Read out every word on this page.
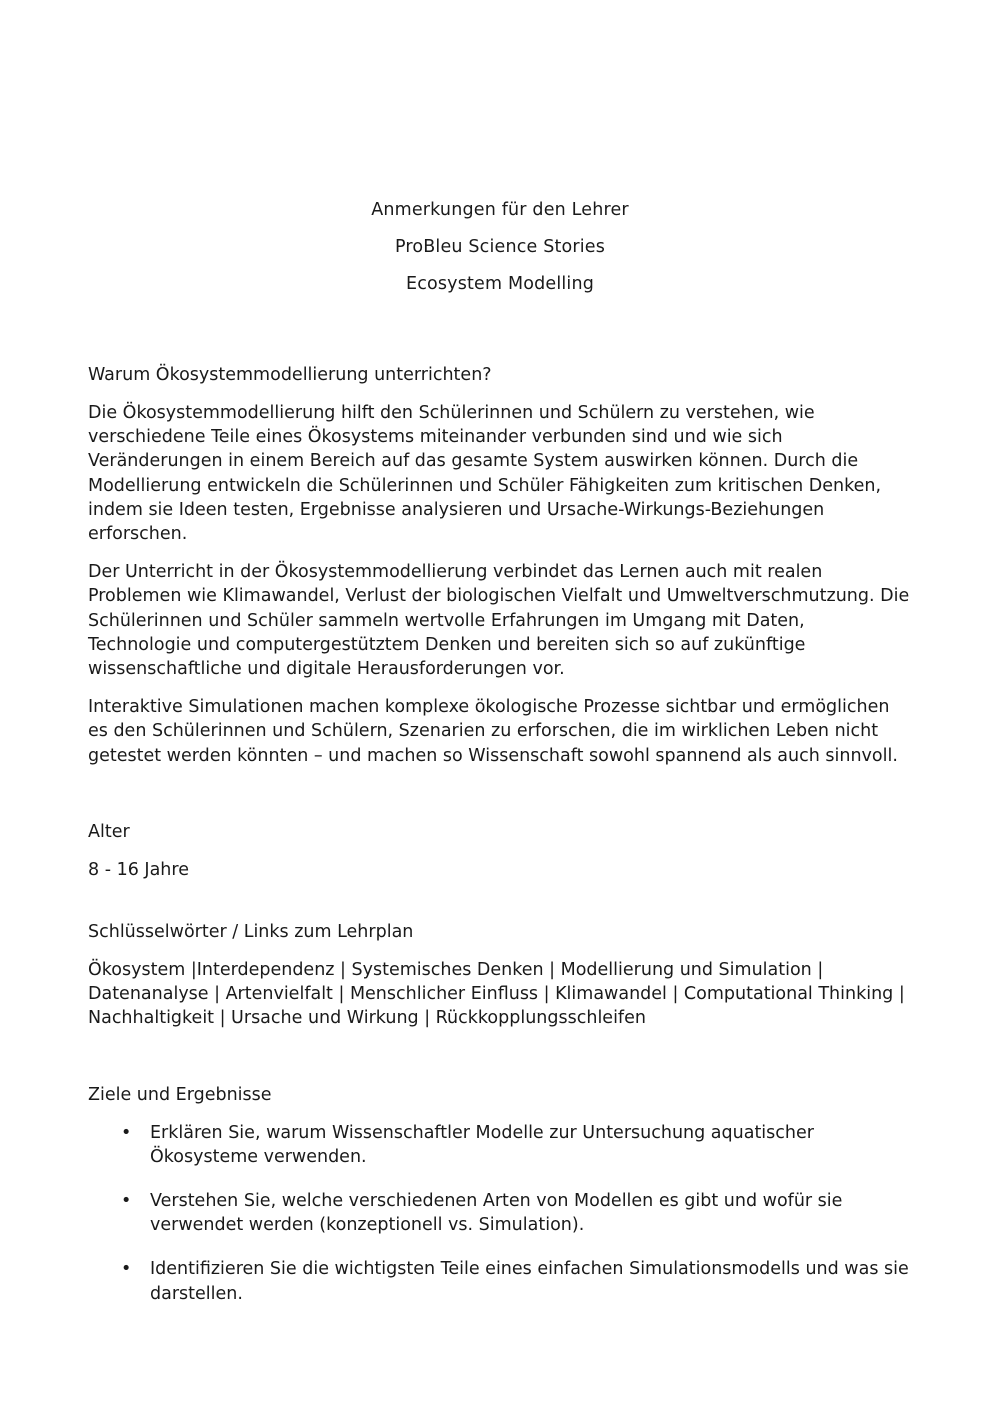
Anmerkungen für den Lehrer
ProBleu Science Stories
Ecosystem Modelling
Warum Ökosystemmodellierung unterrichten?

Die Ökosystemmodellierung hilft den Schülerinnen und Schülern zu verstehen, wie verschiedene Teile eines Ökosystems miteinander verbunden sind und wie sich Veränderungen in einem Bereich auf das gesamte System auswirken können. Durch die Modellierung entwickeln die Schülerinnen und Schüler Fähigkeiten zum kritischen Denken, indem sie Ideen testen, Ergebnisse analysieren und Ursache-Wirkungs-Beziehungen erforschen.

Der Unterricht in der Ökosystemmodellierung verbindet das Lernen auch mit realen Problemen wie Klimawandel, Verlust der biologischen Vielfalt und Umweltverschmutzung. Die Schülerinnen und Schüler sammeln wertvolle Erfahrungen im Umgang mit Daten, Technologie und computergestütztem Denken und bereiten sich so auf zukünftige wissenschaftliche und digitale Herausforderungen vor.

Interaktive Simulationen machen komplexe ökologische Prozesse sichtbar und ermöglichen es den Schülerinnen und Schülern, Szenarien zu erforschen, die im wirklichen Leben nicht getestet werden könnten – und machen so Wissenschaft sowohl spannend als auch sinnvoll.

Alter

8 - 16 Jahre

Schlüsselwörter / Links zum Lehrplan

Ökosystem |Interdependenz | Systemisches Denken | Modellierung und Simulation | Datenanalyse | Artenvielfalt | Menschlicher Einfluss | Klimawandel | Computational Thinking | Nachhaltigkeit | Ursache und Wirkung | Rückkopplungsschleifen

Ziele und Ergebnisse
• Erklären Sie, warum Wissenschaftler Modelle zur Untersuchung aquatischer Ökosysteme verwenden.
• Verstehen Sie, welche verschiedenen Arten von Modellen es gibt und wofür sie verwendet werden (konzeptionell vs. Simulation).
• Identifizieren Sie die wichtigsten Teile eines einfachen Simulationsmodells und was sie darstellen.
